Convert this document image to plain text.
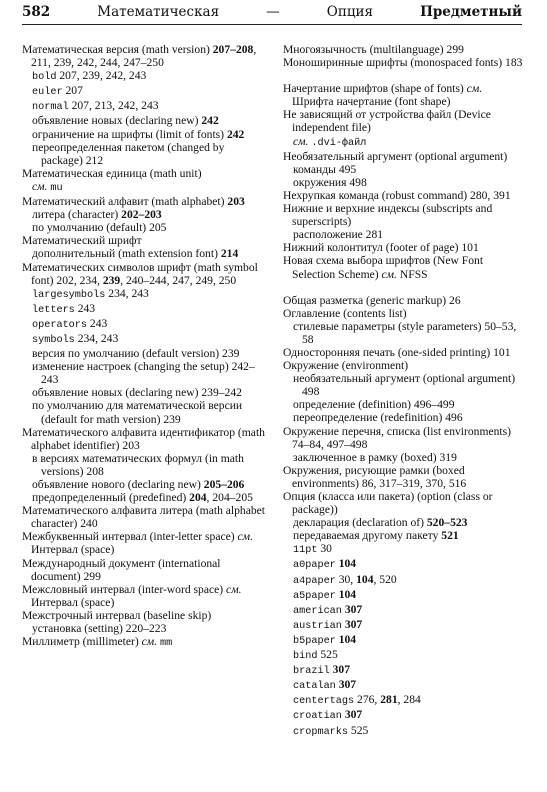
582	Математическая	—	Опция	Предметный
Математическая версия (math version) 207–208, 211, 239, 242, 244, 247–250
bold 207, 239, 242, 243
euler 207
normal 207, 213, 242, 243
объявление новых (declaring new) 242
ограничение на шрифты (limit of fonts) 242
переопределенная пакетом (changed by package) 212
Математическая единица (math unit)
см. mu
Математический алфавит (math alphabet) 203
литера (character) 202–203
по умолчанию (default) 205
Математический шрифт
дополнительный (math extension font) 214
Математических символов шрифт (math symbol font) 202, 234, 239, 240–244, 247, 249, 250
largesymbols 234, 243
letters 243
operators 243
symbols 234, 243
версия по умолчанию (default version) 239
изменение настроек (changing the setup) 242–243
объявление новых (declaring new) 239–242
по умолчанию для математической версии (default for math version) 239
Математического алфавита идентификатор (math alphabet identifier) 203
в версиях математических формул (in math versions) 208
объявление нового (declaring new) 205–206
предопределенный (predefined) 204, 204–205
Математического алфавита литера (math alphabet character) 240
Межбуквенный интервал (inter-letter space) см. Интервал (space)
Международный документ (international document) 299
Межсловный интервал (inter-word space) см. Интервал (space)
Межстрочный интервал (baseline skip)
установка (setting) 220–223
Миллиметр (millimeter) см. mm
Многоязычность (multilanguage) 299
Моноширинные шрифты (monospaced fonts) 183
Начертание шрифтов (shape of fonts) см. Шрифта начертание (font shape)
Не зависящий от устройства файл (Device independent file)
см. .dvi-файл
Необязательный аргумент (optional argument)
команды 495
окружения 498
Нехрупкая команда (robust command) 280, 391
Нижние и верхние индексы (subscripts and superscripts)
расположение 281
Нижний колонтитул (footer of page) 101
Новая схема выбора шрифтов (New Font Selection Scheme) см. NFSS
Общая разметка (generic markup) 26
Оглавление (contents list)
стилевые параметры (style parameters) 50–53, 58
Односторонняя печать (one-sided printing) 101
Окружение (environment)
необязательный аргумент (optional argument) 498
определение (definition) 496–499
переопределение (redefinition) 496
Окружение перечня, списка (list environments) 74–84, 497–498
заключенное в рамку (boxed) 319
Окружения, рисующие рамки (boxed environments) 86, 317–319, 370, 516
Опция (класса или пакета) (option (class or package))
декларация (declaration of) 520–523
передаваемая другому пакету 521
11pt 30
a0paper 104
a4paper 30, 104, 520
a5paper 104
american 307
austrian 307
b5paper 104
bind 525
brazil 307
catalan 307
centertags 276, 281, 284
croatian 307
cropmarks 525
